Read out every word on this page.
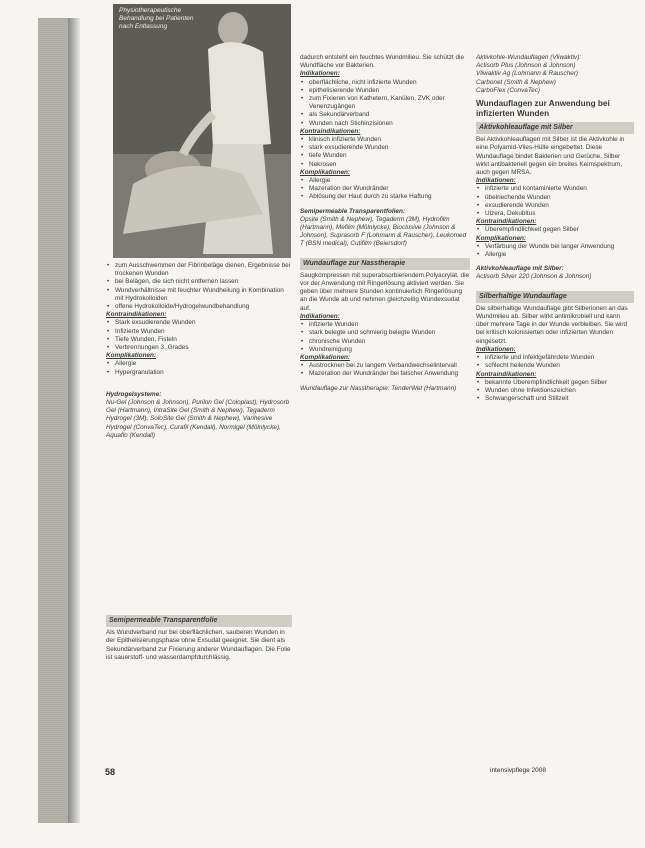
Physiotherapeutische Behandlung bei Patienten nach Entlassung
• zum Ausschwemmen der Fibrinbeläge dienen, Ergebnisse bei trockenen Wunden
• bei Belägen, die sich nicht entfernen lassen
• Wundverhältnisse mit feuchter Wundheilung in Kombination mit Hydrokolloiden
• offene Hydrokolloide/Hydrogelwundbehandlung
Kontraindikationen:
• Stark exsudierende Wunden
• Infizierte Wunden
• Tiefe Wunden, Fisteln
• Verbrennungen 3. Grades
Komplikationen:
• Allergie
• Hypergranulation
Hydrogelsysteme:

Nu-Gel (Johnson & Johnson), Purilon Gel (Coloplast), Hydrosorb Gel (Hartmann), IntraSite Gel (Smith & Nephew), Tegaderm Hydrogel (3M), SoloSite Gel (Smith & Nephew), Varihesive Hydrogel (ConvaTec), Curafil (Kendall), Normlgel (Mölnlycke), Aquaflo (Kendall)

Semipermeable Transparentfolie

Als Wundverband nur bei oberflächlichen, sauberen Wunden in der Epithelisierungsphase ohne Exsudat geeignet. Sie dient als Sekundärverband zur Fixierung anderer Wundauflagen. Die Folie ist sauerstoff- und wasserdampfdurchlässig.

dadurch entsteht ein feuchtes Wundmilieu. Sie schützt die Wundfläche vor Bakterien.

Indikationen:
• oberflächliche, nicht infizierte Wunden
• epithelisierende Wunden
• zum Fixieren von Kathetern, Kanülen, ZVK oder Venenzugängen
• als Sekundärverband
• Wunden nach Stichinzisionen
Kontraindikationen:
• klinisch infizierte Wunden
• stark exsudierende Wunden
• tiefe Wunden
• Nekrosen
Komplikationen:
• Allergie
• Mazeration der Wundränder
• Ablösung der Haut durch zu starke Haftung
Semipermeable Transparentfolien:

Opsite (Smith & Nephew), Tegaderm (3M), Hydrofilm (Hartmann), Mefilm (Mölnlycke), Bioclusive (Johnson & Johnson), Suprasorb F (Lohmann & Rauscher), Leukomed T (BSN medical), Cutifilm (Beiersdorf)

Wundauflage zur Nasstherapie

Saugkompressen mit superabsorbierendem Polyacrylat, die vor der Anwendung mit Ringerlösung aktiviert werden. Sie geben über mehrere Stunden kontinuierlich Ringerlösung an die Wunde ab und nehmen gleichzeitig Wundexsudat auf.

Indikationen:
• infizierte Wunden
• stark belegte und schmierig belegte Wunden
• chronische Wunden
• Wundreinigung
Komplikationen:
• Austrocknen bei zu langem Verbandwechselintervall
• Mazeration der Wundränder bei falscher Anwendung

Wundauflage zur Nasstherapie: TenderWet (Hartmann)

Aktivkohle-Wundauflagen (Vliwaktiv):
Actisorb Plus (Johnson & Johnson)
Vliwaktiv Ag (Lohmann & Rauscher)
Carbonet (Smith & Nephew)
CarboFlex (ConvaTec)
Wundauflagen zur Anwendung bei infizierten Wunden
Aktivkohleauflage mit Silber

Bei Aktivkohleauflagen mit Silber ist die Aktivkohle in eine Polyamid-Vlies-Hülle eingebettet. Diese Wundauflage bindet Bakterien und Gerüche. Silber wirkt antibakteriell gegen ein breites Keimspektrum, auch gegen MRSA.

Indikationen:
• infizierte und kontaminierte Wunden
• übelriechende Wunden
• exsudierende Wunden
• Ulzera, Dekubitus
Kontraindikationen:
• Überempfindlichkeit gegen Silber
Komplikationen:
• Verfärbung der Wunde bei langer Anwendung
• Allergie
Aktivkohleauflage mit Silber:

Actisorb Silver 220 (Johnson & Johnson)

Silberhaltige Wundauflage

Die silberhaltige Wundauflage gibt Silberionen an das Wundmilieu ab. Silber wirkt antimikrobiell und kann über mehrere Tage in der Wunde verbleiben. Sie wird bei kritisch kolonisierten oder infizierten Wunden eingesetzt.

Indikationen:
• infizierte und infektgefährdete Wunden
• schlecht heilende Wunden
Kontraindikationen:
• bekannte Überempfindlichkeit gegen Silber
• Wunden ohne Infektionszeichen
• Schwangerschaft und Stillzeit
58	intensivpflege 2008
